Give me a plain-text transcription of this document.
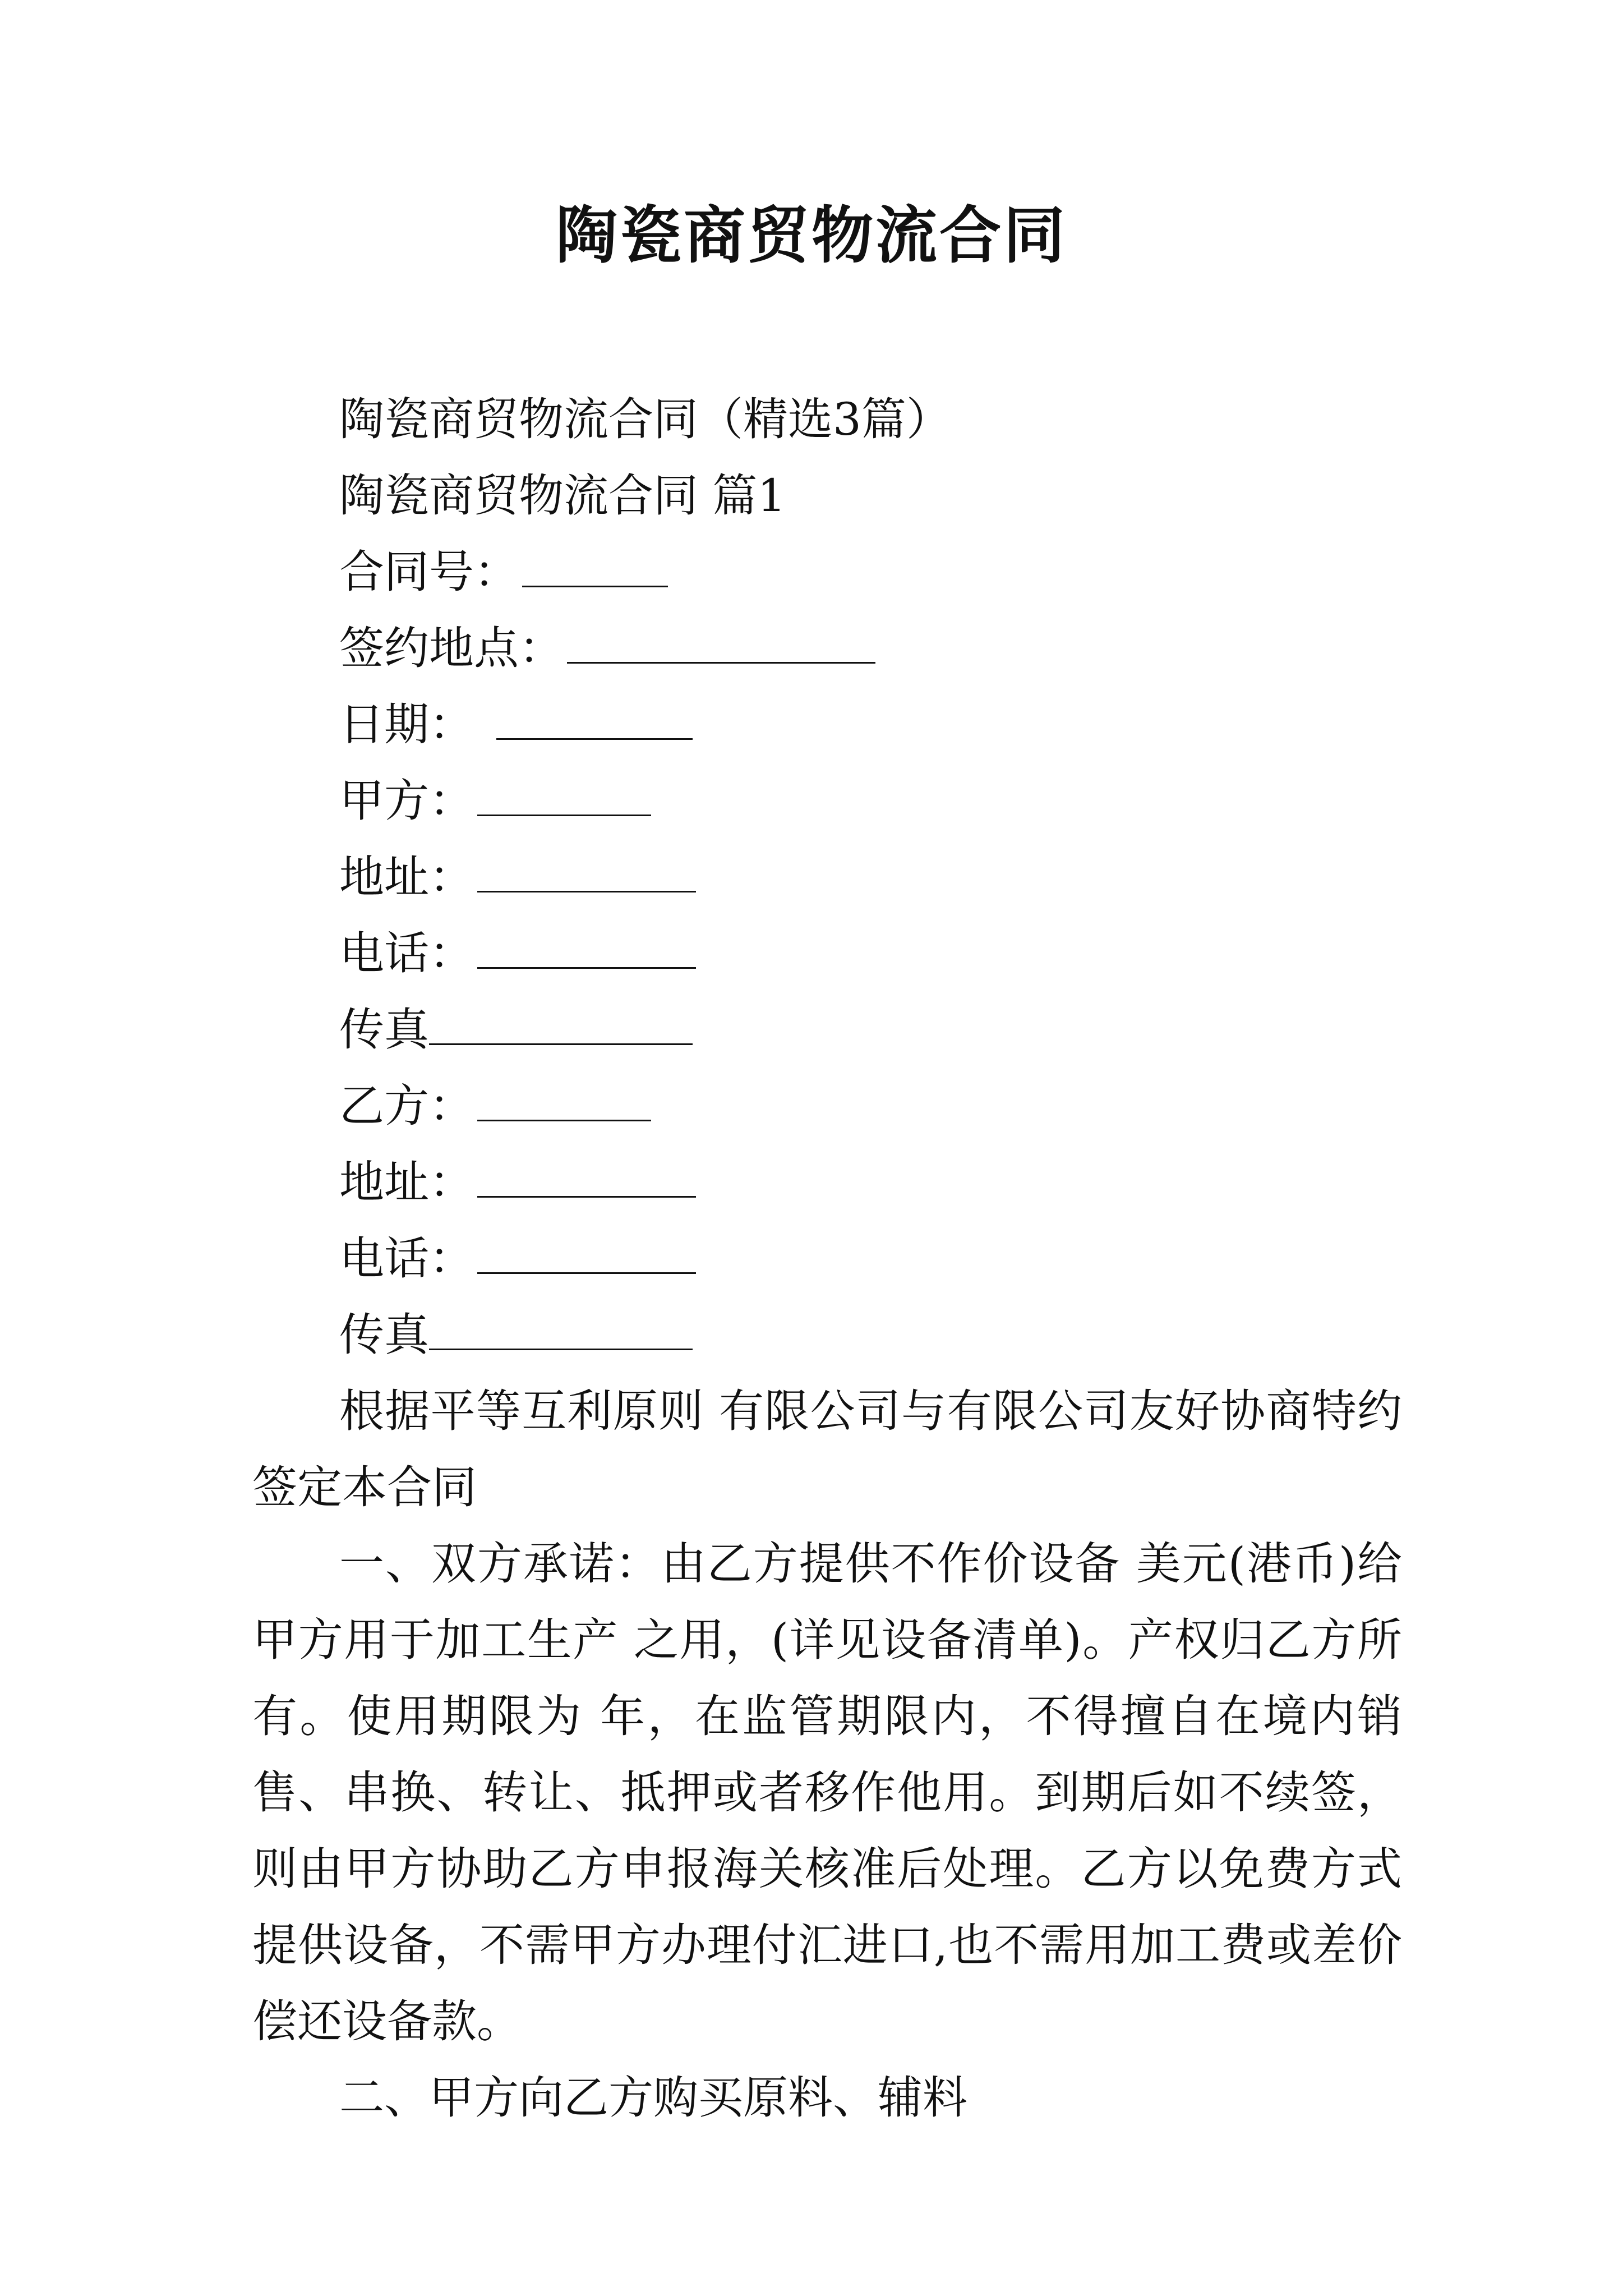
陶瓷商贸物流合同
陶瓷商贸物流合同（精选3篇）
陶瓷商贸物流合同 篇1
合同号：
签约地点：
日期：
甲方：
地址：
电话：
传真
乙方：
地址：
电话：
传真

根据平等互利原则 有限公司与有限公司友好协商特约签定本合同

一、双方承诺：由乙方提供不作价设备 美元(港币)给甲方用于加工生产 之用，(详见设备清单)。产权归乙方所有。使用期限为 年，在监管期限内，不得擅自在境内销售、串换、转让、抵押或者移作他用。到期后如不续签，则由甲方协助乙方申报海关核准后处理。乙方以免费方式提供设备，不需甲方办理付汇进口,也不需用加工费或差价偿还设备款。

二、甲方向乙方购买原料、辅料
